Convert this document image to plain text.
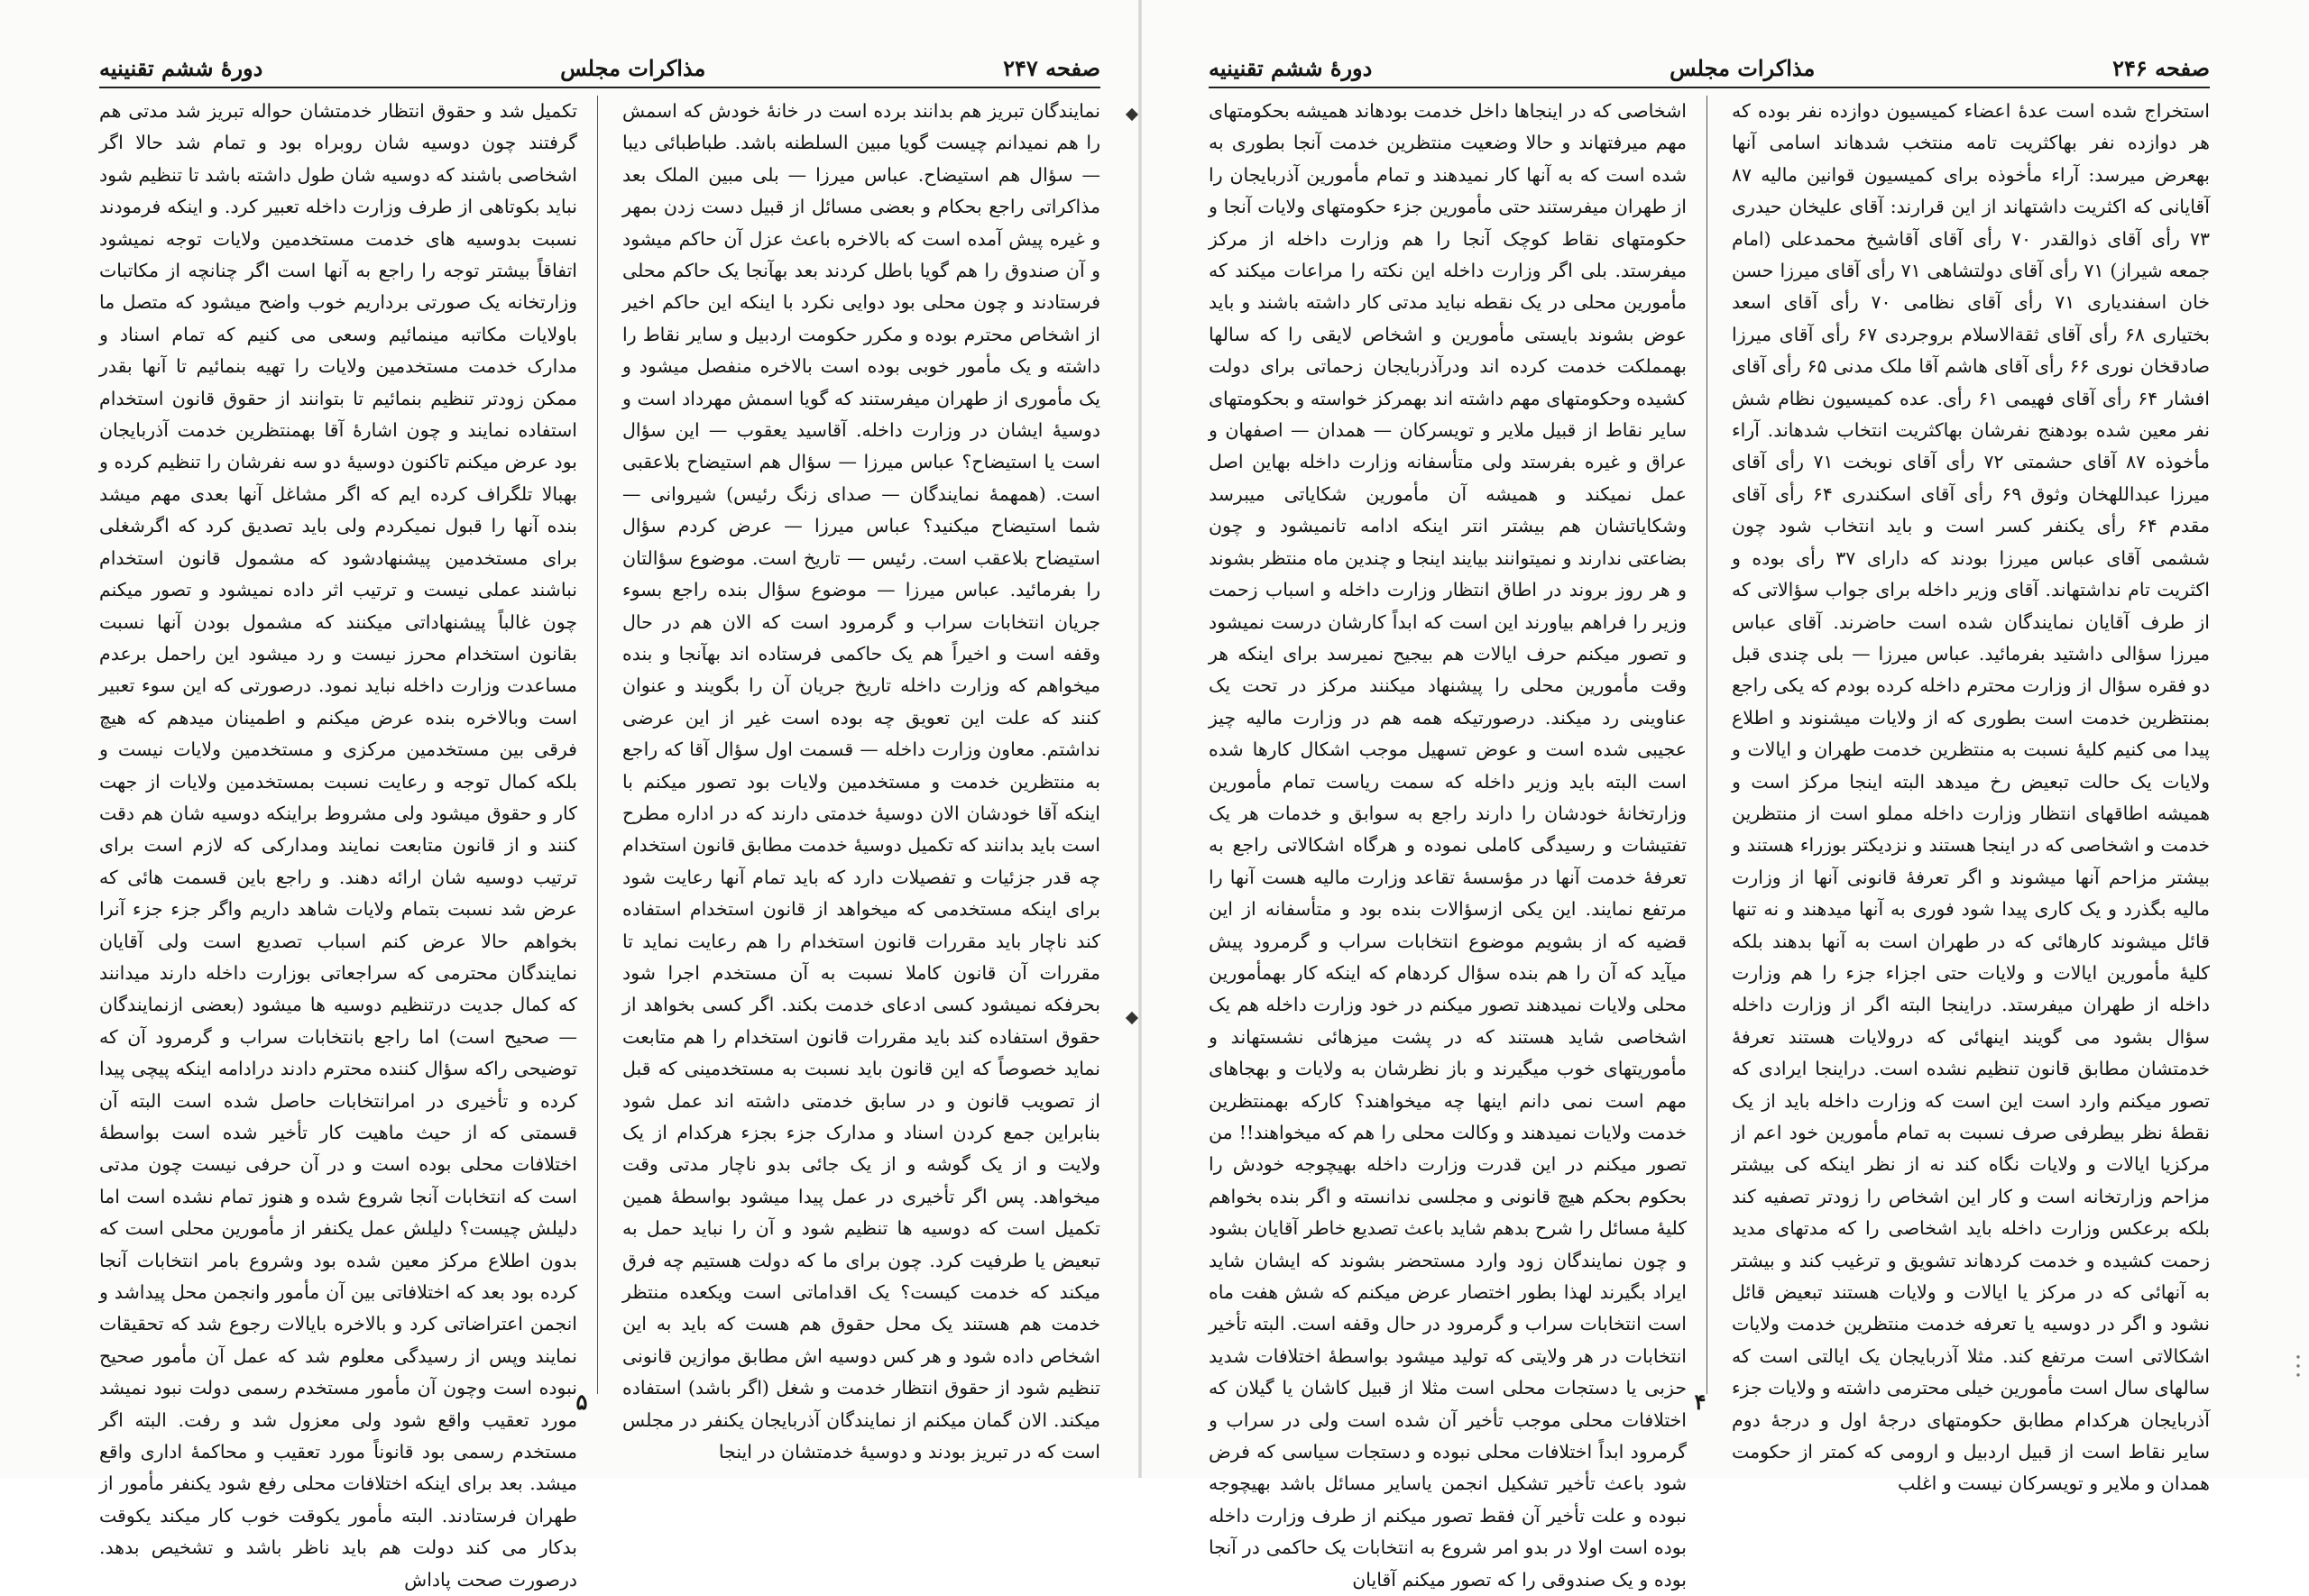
صفحه ۲۴۷
مذاکرات مجلس
دورهٔ ششم تقنینیه

نمایندگان تبریز هم بدانند برده است در خانهٔ خودش که اسمش را هم نمیدانم چیست گویا مبین السلطنه باشد. طباطبائی دیبا — سؤال هم استیضاح. عباس میرزا — بلی مبین الملک بعد مذاکراتی راجع بحکام و بعضی مسائل از قبیل دست زدن بمهر و غیره پیش آمده است که بالاخره باعث عزل آن حاکم میشود و آن صندوق را هم گویا باطل کردند بعد بهآنجا یک حاکم محلی فرستادند و چون محلی بود دوایی نکرد با اینکه این حاکم اخیر از اشخاص محترم بوده و مکرر حکومت اردبیل و سایر نقاط را داشته و یک مأمور خوبی بوده است بالاخره منفصل میشود و یک مأموری از طهران میفرستند که گویا اسمش مهرداد است و دوسیهٔ ایشان در وزارت داخله. آقاسید یعقوب — این سؤال است یا استیضاح؟ عباس میرزا — سؤال هم استیضاح بلاعقبی است. (همهمهٔ نمایندگان — صدای زنگ رئیس) شیروانی — شما استیضاح میکنید؟ عباس میرزا — عرض کردم سؤال استیضاح بلاعقب است. رئیس — تاریخ است. موضوع سؤالتان را بفرمائید. عباس میرزا — موضوع سؤال بنده راجع بسوء جریان انتخابات سراب و گرمرود است که الان هم در حال وقفه است و اخیراً هم یک حاکمی فرستاده اند بهآنجا و بنده میخواهم که وزارت داخله تاریخ جریان آن را بگویند و عنوان کنند که علت این تعویق چه بوده است غیر از این عرضی نداشتم. معاون وزارت داخله — قسمت اول سؤال آقا که راجع به منتظرین خدمت و مستخدمین ولایات بود تصور میکنم با اینکه آقا خودشان الان دوسیهٔ خدمتی دارند که در اداره مطرح است باید بدانند که تکمیل دوسیهٔ خدمت مطابق قانون استخدام چه قدر جزئیات و تفصیلات دارد که باید تمام آنها رعایت شود برای اینکه مستخدمی که میخواهد از قانون استخدام استفاده کند ناچار باید مقررات قانون استخدام را هم رعایت نماید تا مقررات آن قانون کاملا نسبت به آن مستخدم اجرا شود بحرفکه نمیشود کسی ادعای خدمت بکند. اگر کسی بخواهد از حقوق استفاده کند باید مقررات قانون استخدام را هم متابعت نماید خصوصاً که این قانون باید نسبت به مستخدمینی که قبل از تصویب قانون و در سابق خدمتی داشته اند عمل شود بنابراین جمع کردن اسناد و مدارک جزء بجزء هرکدام از یک ولایت و از یک گوشه و از یک جائی بدو ناچار مدتی وقت میخواهد. پس اگر تأخیری در عمل پیدا میشود بواسطهٔ همین تکمیل است که دوسیه ها تنظیم شود و آن را نباید حمل به تبعیض یا طرفیت کرد. چون برای ما که دولت هستیم چه فرق میکند که خدمت کیست؟ یک اقداماتی است ویکعده منتظر خدمت هم هستند یک محل حقوق هم هست که باید به این اشخاص داده شود و هر کس دوسیه اش مطابق موازین قانونی تنظیم شود از حقوق انتظار خدمت و شغل (اگر باشد) استفاده میکند. الان گمان میکنم از نمایندگان آذربایجان یکنفر در مجلس است که در تبریز بودند و دوسیهٔ خدمتشان در اینجا

تکمیل شد و حقوق انتظار خدمتشان حواله تبریز شد مدتی هم گرفتند چون دوسیه شان روبراه بود و تمام شد حالا اگر اشخاصی باشند که دوسیه شان طول داشته باشد تا تنظیم شود نباید بکوتاهی از طرف وزارت داخله تعبیر کرد. و اینکه فرمودند نسبت بدوسیه های خدمت مستخدمین ولایات توجه نمیشود اتفاقاً بیشتر توجه را راجع به آنها است اگر چنانچه از مکاتبات وزارتخانه یک صورتی برداریم خوب واضح میشود که متصل ما باولایات مکاتبه مینمائیم وسعی می کنیم که تمام اسناد و مدارک خدمت مستخدمین ولایات را تهیه بنمائیم تا آنها بقدر ممکن زودتر تنظیم بنمائیم تا بتوانند از حقوق قانون استخدام استفاده نمایند و چون اشارهٔ آقا بهمنتظرین خدمت آذربایجان بود عرض میکنم تاکنون دوسیهٔ دو سه نفرشان را تنظیم کرده و بهبالا تلگراف کرده ایم که اگر مشاغل آنها بعدی مهم میشد بنده آنها را قبول نمیکردم ولی باید تصدیق کرد که اگرشغلی برای مستخدمین پیشنهادشود که مشمول قانون استخدام نباشند عملی نیست و ترتیب اثر داده نمیشود و تصور میکنم چون غالباً پیشنهاداتی میکنند که مشمول بودن آنها نسبت بقانون استخدام محرز نیست و رد میشود این راحمل برعدم مساعدت وزارت داخله نباید نمود. درصورتی که این سوء تعبیر است وبالاخره بنده عرض میکنم و اطمینان میدهم که هیچ فرقی بین مستخدمین مرکزی و مستخدمین ولایات نیست و بلکه کمال توجه و رعایت نسبت بمستخدمین ولایات از جهت کار و حقوق میشود ولی مشروط براینکه دوسیه شان هم دقت کنند و از قانون متابعت نمایند ومدارکی که لازم است برای ترتیب دوسیه شان ارائه دهند. و راجع باین قسمت هائی که عرض شد نسبت بتمام ولایات شاهد داریم واگر جزء جزء آنرا بخواهم حالا عرض کنم اسباب تصدیع است ولی آقایان نمایندگان محترمی که سراجعاتی بوزارت داخله دارند میدانند که کمال جدیت درتنظیم دوسیه ها میشود (بعضی ازنمایندگان — صحیح است) اما راجع بانتخابات سراب و گرمرود آن که توضیحی راکه سؤال کننده محترم دادند درادامه اینکه پیچی پیدا کرده و تأخیری در امرانتخابات حاصل شده است البته آن قسمتی که از حیث ماهیت کار تأخیر شده است بواسطهٔ اختلافات محلی بوده است و در آن حرفی نیست چون مدتی است که انتخابات آنجا شروع شده و هنوز تمام نشده است اما دلیلش چیست؟ دلیلش عمل یکنفر از مأمورین محلی است که بدون اطلاع مرکز معین شده بود وشروع بامر انتخابات آنجا کرده بود بعد که اختلافاتی بین آن مأمور وانجمن محل پیداشد و انجمن اعتراضاتی کرد و بالاخره بایالات رجوع شد که تحقیقات نمایند وپس از رسیدگی معلوم شد که عمل آن مأمور صحیح نبوده است وچون آن مأمور مستخدم رسمی دولت نبود نمیشد مورد تعقیب واقع شود ولی معزول شد و رفت. البته اگر مستخدم رسمی بود قانوناً مورد تعقیب و محاکمهٔ اداری واقع میشد. بعد برای اینکه اختلافات محلی رفع شود یکنفر مأمور از طهران فرستادند. البته مأمور یکوقت خوب کار میکند یکوقت بدکار می کند دولت هم باید ناظر باشد و تشخیص بدهد. درصورت صحت پاداش

۵
صفحه ۲۴۶
مذاکرات مجلس
دورهٔ ششم تقنینیه

استخراج شده است عدهٔ اعضاء کمیسیون دوازده نفر بوده که هر دوازده نفر بهاکثریت تامه منتخب شدهاند اسامی آنها بهعرض میرسد: آراء مأخوذه برای کمیسیون قوانین مالیه ۸۷ آقایانی که اکثریت داشتهاند از این قرارند: آقای علیخان حیدری ۷۳ رأی آقای ذوالقدر ۷۰ رأی آقای آقاشیخ محمدعلی (امام جمعه شیراز) ۷۱ رأی آقای دولتشاهی ۷۱ رأی آقای میرزا حسن خان اسفندیاری ۷۱ رأی آقای نظامی ۷۰ رأی آقای اسعد بختیاری ۶۸ رأی آقای ثقةالاسلام بروجردی ۶۷ رأی آقای میرزا صادقخان نوری ۶۶ رأی آقای هاشم آقا ملک مدنی ۶۵ رأی آقای افشار ۶۴ رأی آقای فهیمی ۶۱ رأی. عده کمیسیون نظام شش نفر معین شده بودهنج نفرشان بهاکثریت انتخاب شدهاند. آراء مأخوذه ۸۷ آقای حشمتی ۷۲ رأی آقای نوبخت ۷۱ رأی آقای میرزا عبداللهخان وثوق ۶۹ رأی آقای اسکندری ۶۴ رأی آقای مقدم ۶۴ رأی یکنفر کسر است و باید انتخاب شود چون ششمی آقای عباس میرزا بودند که دارای ۳۷ رأی بوده و اکثریت تام نداشتهاند. آقای وزیر داخله برای جواب سؤالاتی که از طرف آقایان نمایندگان شده است حاضرند. آقای عباس میرزا سؤالی داشتید بفرمائید. عباس میرزا — بلی چندی قبل دو فقره سؤال از وزارت محترم داخله کرده بودم که یکی راجع بمنتظرین خدمت است بطوری که از ولایات میشنوند و اطلاع پیدا می کنیم کلیهٔ نسبت به منتظرین خدمت طهران و ایالات و ولایات یک حالت تبعیض رخ میدهد البته اینجا مرکز است و همیشه اطاقهای انتظار وزارت داخله مملو است از منتظرین خدمت و اشخاصی که در اینجا هستند و نزدیکتر بوزراء هستند و بیشتر مزاحم آنها میشوند و اگر تعرفهٔ قانونی آنها از وزارت مالیه بگذرد و یک کاری پیدا شود فوری به آنها میدهند و نه تنها قائل میشوند کارهائی که در طهران است به آنها بدهند بلکه کلیهٔ مأمورین ایالات و ولایات حتی اجزاء جزء را هم وزارت داخله از طهران میفرستد. دراینجا البته اگر از وزارت داخله سؤال بشود می گویند اینهائی که درولایات هستند تعرفهٔ خدمتشان مطابق قانون تنظیم نشده است. دراینجا ایرادی که تصور میکنم وارد است این است که وزارت داخله باید از یک نقطهٔ نظر بیطرفی صرف نسبت به تمام مأمورین خود اعم از مرکزیا ایالات و ولایات نگاه کند نه از نظر اینکه کی بیشتر مزاحم وزارتخانه است و کار این اشخاص را زودتر تصفیه کند بلکه برعکس وزارت داخله باید اشخاصی را که مدتهای مدید زحمت کشیده و خدمت کردهاند تشویق و ترغیب کند و بیشتر به آنهائی که در مرکز یا ایالات و ولایات هستند تبعیض قائل نشود و اگر در دوسیه یا تعرفه خدمت منتظرین خدمت ولایات اشکالاتی است مرتفع کند. مثلا آذربایجان یک ایالتی است که سالهای سال است مأمورین خیلی محترمی داشته و ولایات جزء آذربایجان هرکدام مطابق حکومتهای درجهٔ اول و درجهٔ دوم سایر نقاط است از قبیل اردبیل و ارومی که کمتر از حکومت همدان و ملایر و تویسرکان نیست و اغلب

اشخاصی که در اینجاها داخل خدمت بودهاند همیشه بحکومتهای مهم میرفتهاند و حالا وضعیت منتظرین خدمت آنجا بطوری به شده است که به آنها کار نمیدهند و تمام مأمورین آذربایجان را از طهران میفرستند حتی مأمورین جزء حکومتهای ولایات آنجا و حکومتهای نقاط کوچک آنجا را هم وزارت داخله از مرکز میفرستد. بلی اگر وزارت داخله این نکته را مراعات میکند که مأمورین محلی در یک نقطه نباید مدتی کار داشته باشند و باید عوض بشوند بایستی مأمورین و اشخاص لایقی را که سالها بهمملکت خدمت کرده اند ودرآذربایجان زحماتی برای دولت کشیده وحکومتهای مهم داشته اند بهمرکز خواسته و بحکومتهای سایر نقاط از قبیل ملایر و تویسرکان — همدان — اصفهان و عراق و غیره بفرستد ولی متأسفانه وزارت داخله بهاین اصل عمل نمیکند و همیشه آن مأمورین شکایاتی میبرسد وشکایاتشان هم بیشتر انتر اینکه ادامه تانمیشود و چون بضاعتی ندارند و نمیتوانند بیایند اینجا و چندین ماه منتظر بشوند و هر روز بروند در اطاق انتظار وزارت داخله و اسباب زحمت وزیر را فراهم بیاورند این است که ابداً کارشان درست نمیشود و تصور میکنم حرف ایالات هم بیجیح نمیرسد برای اینکه هر وقت مأمورین محلی را پیشنهاد میکنند مرکز در تحت یک عناوینی رد میکند. درصورتیکه همه هم در وزارت مالیه چیز عجیبی شده است و عوض تسهیل موجب اشکال کارها شده است البته باید وزیر داخله که سمت ریاست تمام مأمورین وزارتخانهٔ خودشان را دارند راجع به سوابق و خدمات هر یک تفتیشات و رسیدگی کاملی نموده و هرگاه اشکالاتی راجع به تعرفهٔ خدمت آنها در مؤسسهٔ تقاعد وزارت مالیه هست آنها را مرتفع نمایند. این یکی ازسؤالات بنده بود و متأسفانه از این قضیه که از بشویم موضوع انتخابات سراب و گرمرود پیش میآید که آن را هم بنده سؤال کردهام که اینکه کار بهمأمورین محلی ولایات نمیدهند تصور میکنم در خود وزارت داخله هم یک اشخاصی شاید هستند که در پشت میزهائی نشستهاند و مأموریتهای خوب میگیرند و باز نظرشان به ولایات و بهجاهای مهم است نمی دانم اینها چه میخواهند؟ کارکه بهمنتظرین خدمت ولایات نمیدهند و وکالت محلی را هم که میخواهند!! من تصور میکنم در این قدرت وزارت داخله بهیچوجه خودش را بحکوم بحکم هیچ قانونی و مجلسی ندانسته و اگر بنده بخواهم کلیهٔ مسائل را شرح بدهم شاید باعث تصدیع خاطر آقایان بشود و چون نمایندگان زود وارد مستحضر بشوند که ایشان شاید ایراد بگیرند لهذا بطور اختصار عرض میکنم که شش هفت ماه است انتخابات سراب و گرمرود در حال وقفه است. البته تأخیر انتخابات در هر ولایتی که تولید میشود بواسطهٔ اختلافات شدید حزبی یا دستجات محلی است مثلا از قبیل کاشان یا گیلان که اختلافات محلی موجب تأخیر آن شده است ولی در سراب و گرمرود ابداً اختلافات محلی نبوده و دستجات سیاسی که فرض شود باعث تأخیر تشکیل انجمن یاسایر مسائل باشد بهیچوجه نبوده و علت تأخیر آن فقط تصور میکنم از طرف وزارت داخله بوده است اولا در بدو امر شروع به انتخابات یک حاکمی در آنجا بوده و یک صندوقی را که تصور میکنم آقایان

۴
∙ ∙ ∙
